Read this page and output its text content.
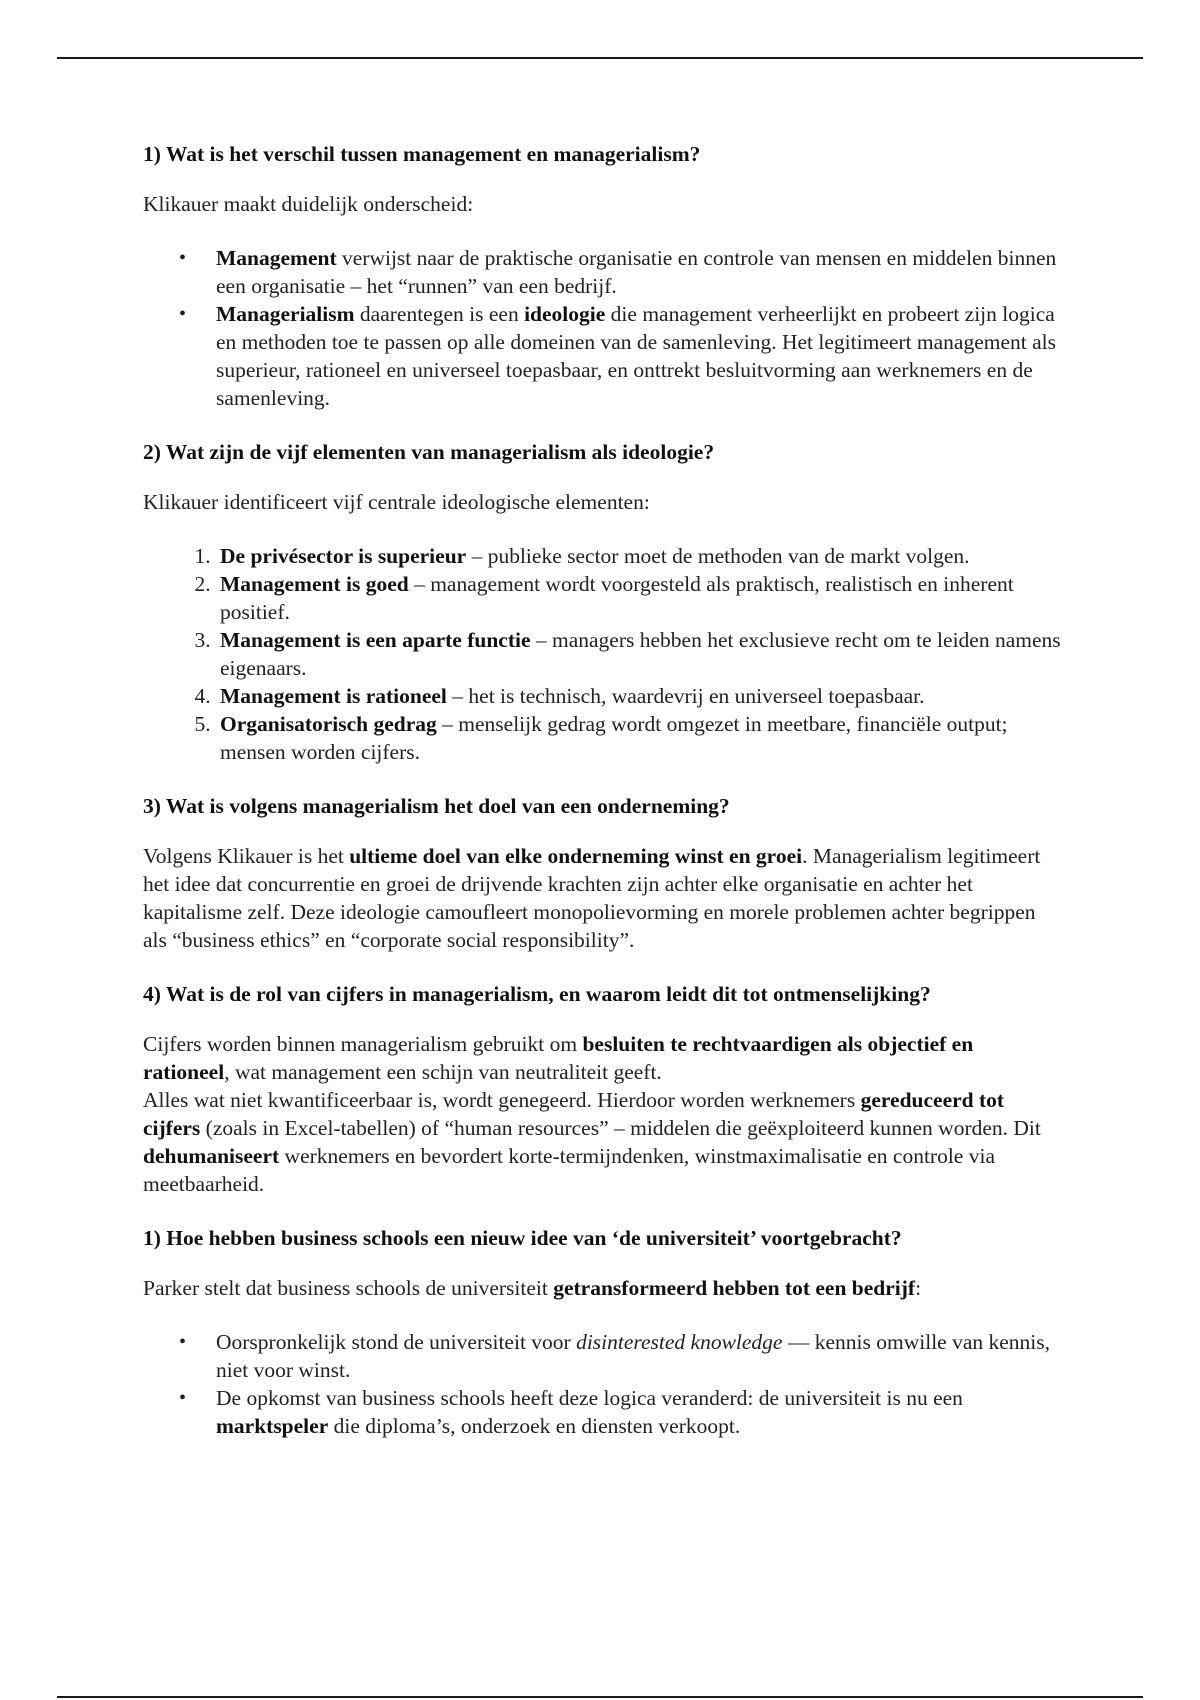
1) Wat is het verschil tussen management en managerialism?

Klikauer maakt duidelijk onderscheid:

• Management verwijst naar de praktische organisatie en controle van mensen en middelen binnen een organisatie – het “runnen” van een bedrijf.
• Managerialism daarentegen is een ideologie die management verheerlijkt en probeert zijn logica en methoden toe te passen op alle domeinen van de samenleving. Het legitimeert management als superieur, rationeel en universeel toepasbaar, en onttrekt besluitvorming aan werknemers en de samenleving.
2) Wat zijn de vijf elementen van managerialism als ideologie?

Klikauer identificeert vijf centrale ideologische elementen:

1. De privésector is superieur – publieke sector moet de methoden van de markt volgen.
2. Management is goed – management wordt voorgesteld als praktisch, realistisch en inherent positief.
3. Management is een aparte functie – managers hebben het exclusieve recht om te leiden namens eigenaars.
4. Management is rationeel – het is technisch, waardevrij en universeel toepasbaar.
5. Organisatorisch gedrag – menselijk gedrag wordt omgezet in meetbare, financiële output; mensen worden cijfers.
3) Wat is volgens managerialism het doel van een onderneming?

Volgens Klikauer is het ultieme doel van elke onderneming winst en groei. Managerialism legitimeert het idee dat concurrentie en groei de drijvende krachten zijn achter elke organisatie en achter het kapitalisme zelf. Deze ideologie camoufleert monopolievorming en morele problemen achter begrippen als “business ethics” en “corporate social responsibility”.

4) Wat is de rol van cijfers in managerialism, en waarom leidt dit tot ontmenselijking?

Cijfers worden binnen managerialism gebruikt om besluiten te rechtvaardigen als objectief en rationeel, wat management een schijn van neutraliteit geeft.
Alles wat niet kwantificeerbaar is, wordt genegeerd. Hierdoor worden werknemers gereduceerd tot cijfers (zoals in Excel-tabellen) of “human resources” – middelen die geëxploiteerd kunnen worden. Dit dehumaniseert werknemers en bevordert korte-termijndenken, winstmaximalisatie en controle via meetbaarheid.

1) Hoe hebben business schools een nieuw idee van ‘de universiteit’ voortgebracht?

Parker stelt dat business schools de universiteit getransformeerd hebben tot een bedrijf:

• Oorspronkelijk stond de universiteit voor disinterested knowledge — kennis omwille van kennis, niet voor winst.
• De opkomst van business schools heeft deze logica veranderd: de universiteit is nu een marktspeler die diploma’s, onderzoek en diensten verkoopt.
